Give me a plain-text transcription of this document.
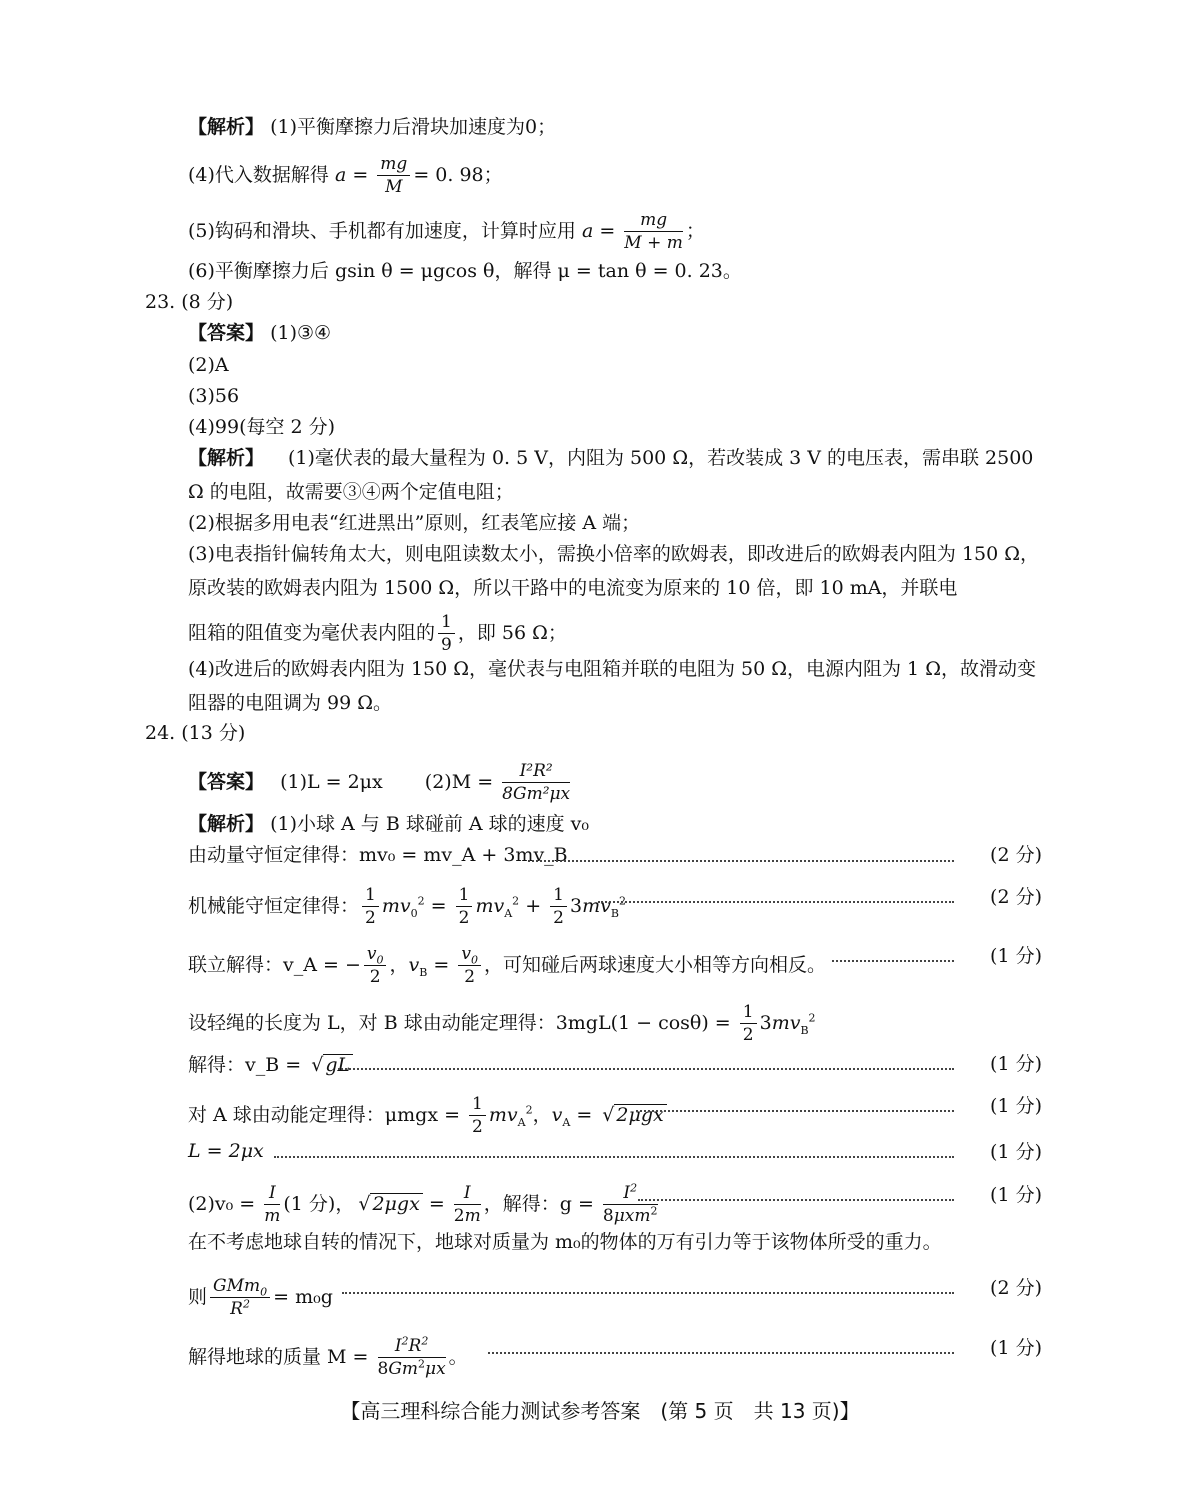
【解析】 (1)平衡摩擦力后滑块加速度为0；
(4)代入数据解得 $a = \frac{mg}{M} = 0$. 98；
(5)钩码和滑块、手机都有加速度，计算时应用 $a = \frac{mg}{M + m}$ ；
(6)平衡摩擦力后 gsin θ = μgcos θ，解得 μ = tan θ = 0. 23。
23. (8 分)
【答案】 (1)③④
(2)A
(3)56
(4)99(每空 2 分)
【解析】	(1)毫伏表的最大量程为 0. 5 V，内阻为 500 Ω，若改装成 3 V 的电压表，需串联 2500 Ω 的电阻，故需要③④两个定值电阻；
(2)根据多用电表“红进黑出”原则，红表笔应接 A 端；
(3)电表指针偏转角太大，则电阻读数太小，需换小倍率的欧姆表，即改进后的欧姆表内阻为 150 Ω，原改装的欧姆表内阻为 1500 Ω，所以干路中的电流变为原来的 10 倍，即 10 mA，并联电
阻箱的阻值变为毫伏表内阻的 $\frac{1}{9}$ ，即 56 Ω；
(4)改进后的欧姆表内阻为 150 Ω，毫伏表与电阻箱并联的电阻为 50 Ω，电源内阻为 1 Ω，故滑动变阻器的电阻调为 99 Ω。
24. (13 分)
【答案】 (1)L = 2μx $(2)M = \frac{\text{I²R²}}{\text{8Gm²μx}}$
【解析】 (1)小球 A 与 B 球碰前 A 球的速度 v₀
由动量守恒定律得：mv₀ = mv_A + 3mv_B	(2 分)
机械能守恒定律得： $\frac{1}{2} mv_0^2 = \frac{1}{2} mv_A^2 + \frac{1}{2} 3mv_B^2$	(2 分)
联立解得：v_A = − $\frac{v_0}{2}$ ，$v_B = \frac{v_0}{2}$ ，可知碰后两球速度大小相等方向相反。	(1 分)
设轻绳的长度为 L，对 B 球由动能定理得：$3mgL(1 - \cos\theta) = \frac{1}{2} 3mv_B^2$
解得：v_B = √ gL	(1 分)
对 A 球由动能定理得：$\mu mgx = \frac{1}{2} mv_A^2$，$v_A$ = √ 2μgx	(1 分)
L = 2μx	(1 分)
$(2)v_0 = \frac{I}{m} (1$ 分)， √ $2\mu gx = \frac{I}{2m}$ ，解得：$g = \frac{I^2}{8\mu xm^2}$	(1 分)
在不考虑地球自转的情况下，地球对质量为 m₀的物体的万有引力等于该物体所受的重力。
则 $\frac{GMm_0}{R^2} = m_0g$	(2 分)
解得地球的质量 $M = \frac{I^2R^2}{8Gm^2\mu x}$ 。	(1 分)
【高三理科综合能力测试参考答案　(第 5 页　共 13 页)】
